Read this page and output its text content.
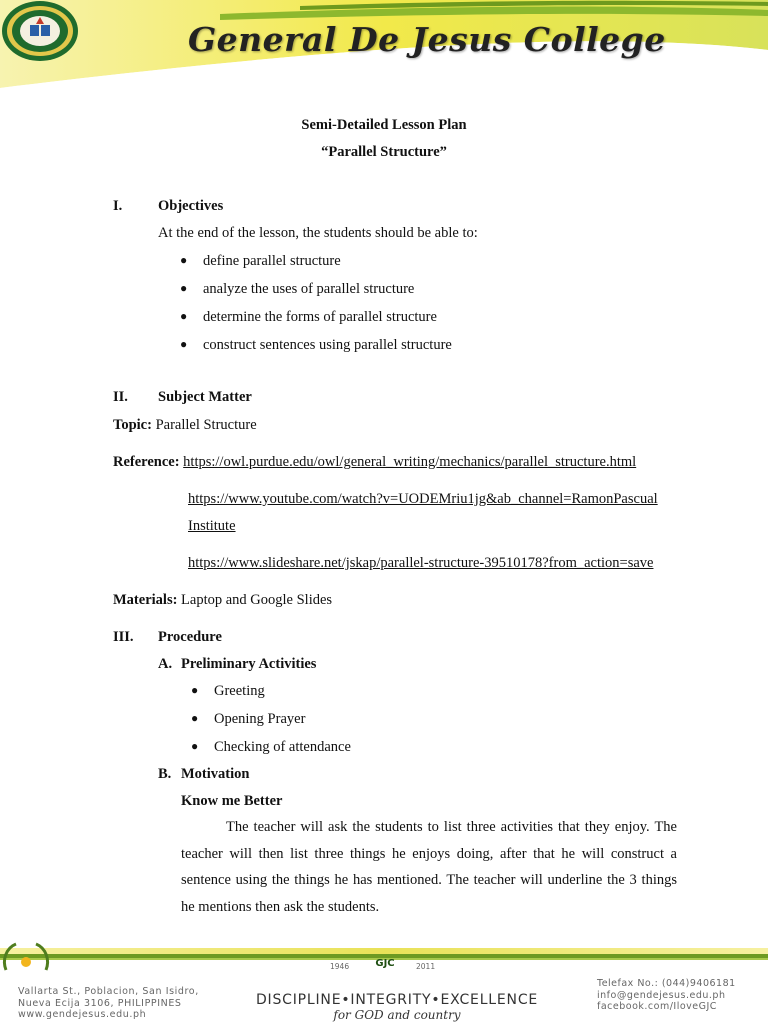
General De Jesus College
Semi-Detailed Lesson Plan
“Parallel Structure”
I. Objectives
At the end of the lesson, the students should be able to:
● define parallel structure
● analyze the uses of parallel structure
● determine the forms of parallel structure
● construct sentences using parallel structure
II. Subject Matter
Topic: Parallel Structure
Reference: https://owl.purdue.edu/owl/general_writing/mechanics/parallel_structure.html
https://www.youtube.com/watch?v=UODEMriu1jg&ab_channel=RamonPascual
Institute
https://www.slideshare.net/jskap/parallel-structure-39510178?from_action=save
Materials: Laptop and Google Slides
III. Procedure
A. Preliminary Activities
● Greeting
● Opening Prayer
● Checking of attendance
B. Motivation
Know me Better
The teacher will ask the students to list three activities that they enjoy. The teacher will then list three things he enjoys doing, after that he will construct a sentence using the things he has mentioned. The teacher will underline the 3 things he mentions then ask the students.
GJC
1946	2011
Vallarta St., Poblacion, San Isidro,
Nueva Ecija 3106, PHILIPPINES
www.gendejesus.edu.ph
DISCIPLINE•INTEGRITY•EXCELLENCE
for GOD and country
Telefax No.: (044)9406181
info@gendejesus.edu.ph
facebook.com/IloveGJC
